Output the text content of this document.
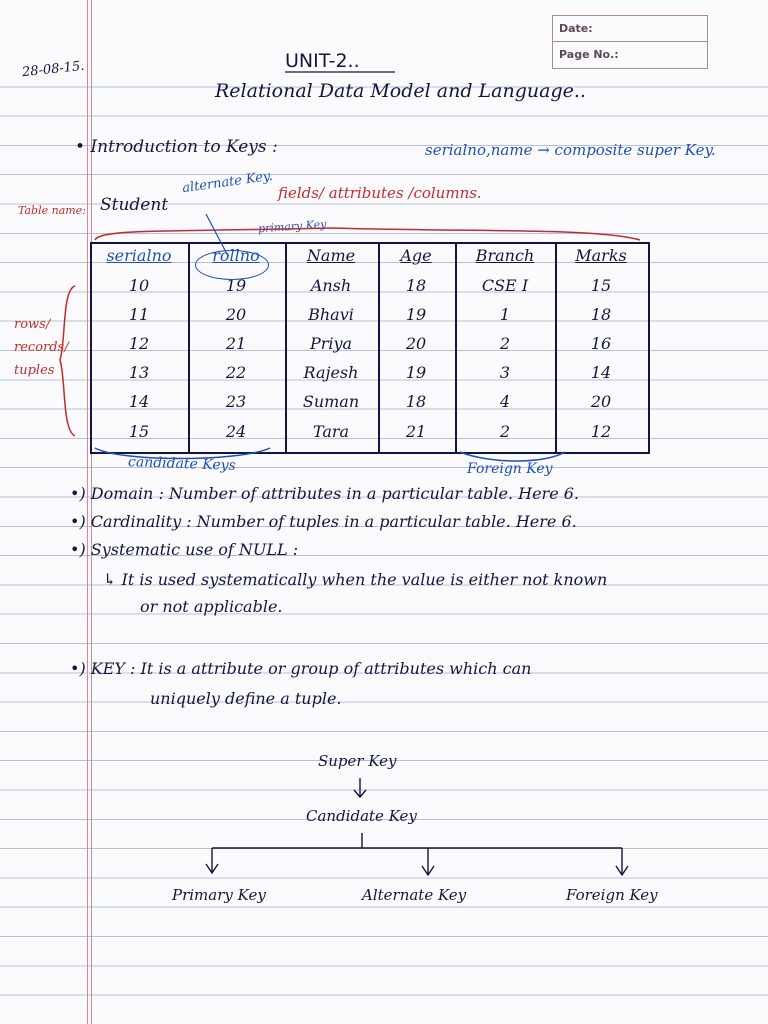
Date:
Page No.:
28-08-15.	UNIT-2..
Relational Data Model and Language..
• Introduction to Keys :	serialno,name → composite super Key.
Table name: Student
alternate Key. fields/ attributes /columns.
primary Key
rows/
records/
tuples
serialno	rollno	Name	Age	Branch	Marks
10	19	Ansh	18	CSE I	15
11	20	Bhavi	19	1	18
12	21	Priya	20	2	16
13	22	Rajesh	19	3	14
14	23	Suman	18	4	20
15	24	Tara	21	2	12
candidate Keys	Foreign Key
•) Domain : Number of attributes in a particular table. Here 6.
•) Cardinality : Number of tuples in a particular table. Here 6.
•) Systematic use of NULL :
↳ It is used systematically when the value is either not known
or not applicable.
•) KEY : It is a attribute or group of attributes which can
uniquely define a tuple.
Super Key
Candidate Key
Primary Key	Alternate Key	Foreign Key
